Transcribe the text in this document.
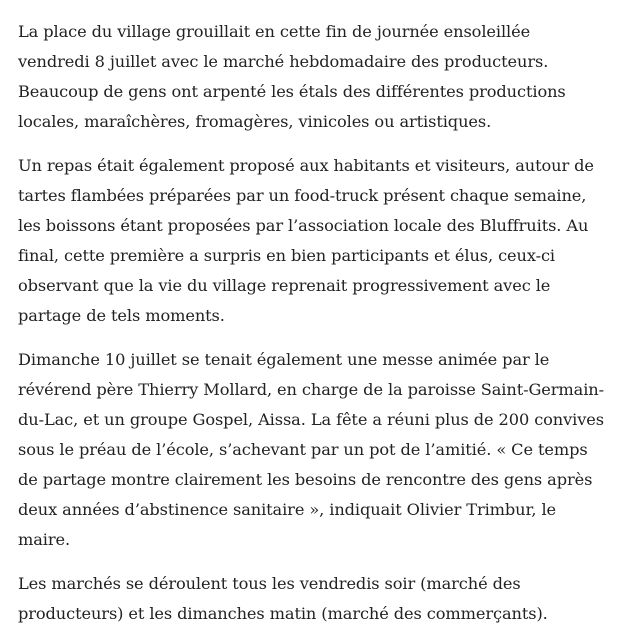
La place du village grouillait en cette fin de journée ensoleillée vendredi 8 juillet avec le marché hebdomadaire des producteurs. Beaucoup de gens ont arpenté les étals des différentes productions locales, maraîchères, fromagères, vinicoles ou artistiques.

Un repas était également proposé aux habitants et visiteurs, autour de tartes flambées préparées par un food-truck présent chaque semaine, les boissons étant proposées par l’association locale des Bluffruits. Au final, cette première a surpris en bien participants et élus, ceux-ci observant que la vie du village reprenait progressivement avec le partage de tels moments.

Dimanche 10 juillet se tenait également une messe animée par le révérend père Thierry Mollard, en charge de la paroisse Saint-Germain-du-Lac, et un groupe Gospel, Aissa. La fête a réuni plus de 200 convives sous le préau de l’école, s’achevant par un pot de l’amitié. « Ce temps de partage montre clairement les besoins de rencontre des gens après deux années d’abstinence sanitaire », indiquait Olivier Trimbur, le maire.

Les marchés se déroulent tous les vendredis soir (marché des producteurs) et les dimanches matin (marché des commerçants).
